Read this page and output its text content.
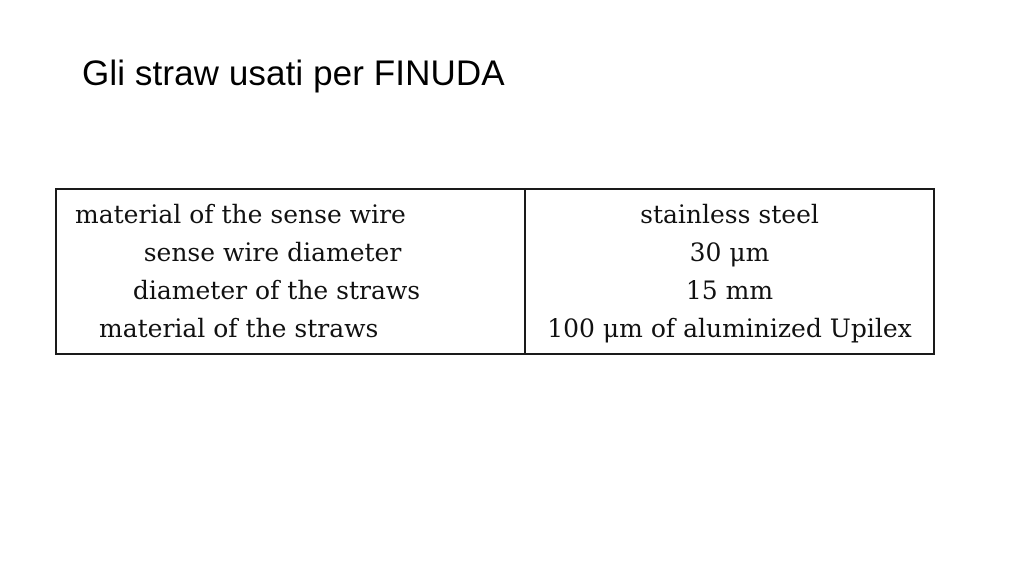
Gli straw usati per FINUDA
material of the sense wire	stainless steel
sense wire diameter	30 μm
diameter of the straws	15 mm
material of the straws	100 μm of aluminized Upilex
